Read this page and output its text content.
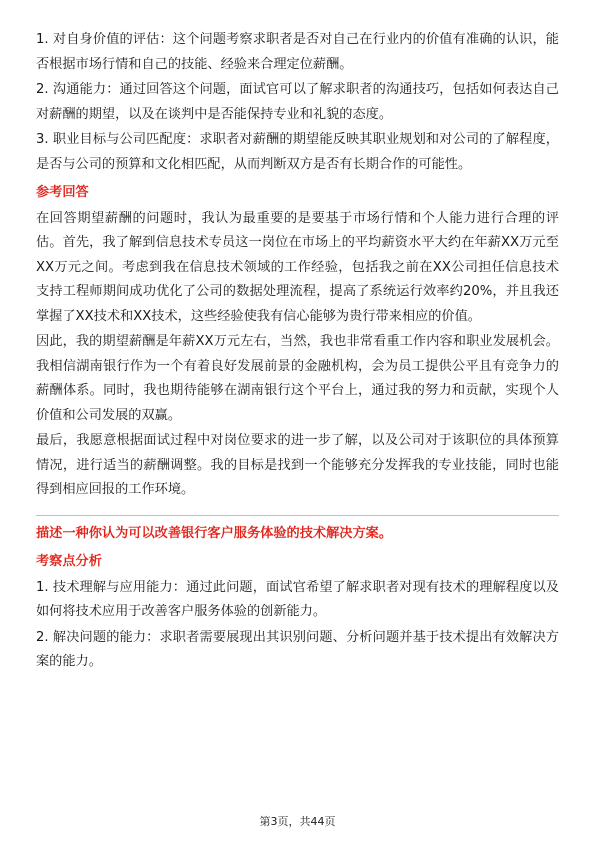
1. 对自身价值的评估：这个问题考察求职者是否对自己在行业内的价值有准确的认识，能否根据市场行情和自己的技能、经验来合理定位薪酬。

2. 沟通能力：通过回答这个问题，面试官可以了解求职者的沟通技巧，包括如何表达自己对薪酬的期望，以及在谈判中是否能保持专业和礼貌的态度。

3. 职业目标与公司匹配度：求职者对薪酬的期望能反映其职业规划和对公司的了解程度，是否与公司的预算和文化相匹配，从而判断双方是否有长期合作的可能性。

参考回答

在回答期望薪酬的问题时，我认为最重要的是要基于市场行情和个人能力进行合理的评估。首先，我了解到信息技术专员这一岗位在市场上的平均薪资水平大约在年薪XX万元至XX万元之间。考虑到我在信息技术领域的工作经验，包括我之前在XX公司担任信息技术支持工程师期间成功优化了公司的数据处理流程，提高了系统运行效率约20%，并且我还掌握了XX技术和XX技术，这些经验使我有信心能够为贵行带来相应的价值。

因此，我的期望薪酬是年薪XX万元左右，当然，我也非常看重工作内容和职业发展机会。我相信湖南银行作为一个有着良好发展前景的金融机构，会为员工提供公平且有竞争力的薪酬体系。同时，我也期待能够在湖南银行这个平台上，通过我的努力和贡献，实现个人价值和公司发展的双赢。

最后，我愿意根据面试过程中对岗位要求的进一步了解，以及公司对于该职位的具体预算情况，进行适当的薪酬调整。我的目标是找到一个能够充分发挥我的专业技能，同时也能得到相应回报的工作环境。

描述一种你认为可以改善银行客户服务体验的技术解决方案。
考察点分析

1. 技术理解与应用能力：通过此问题，面试官希望了解求职者对现有技术的理解程度以及如何将技术应用于改善客户服务体验的创新能力。

2. 解决问题的能力：求职者需要展现出其识别问题、分析问题并基于技术提出有效解决方案的能力。

第3页，共44页
